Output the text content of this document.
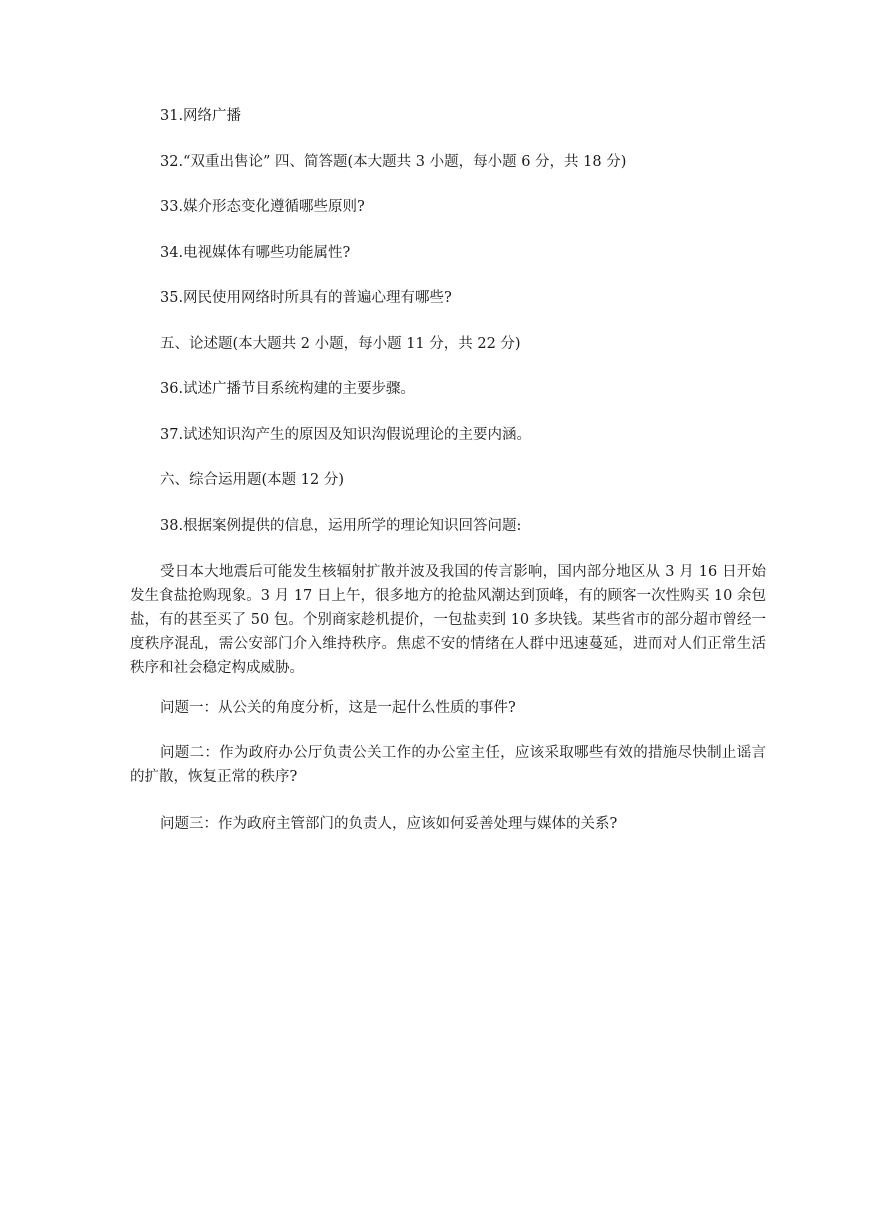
31.网络广播
32.“双重出售论” 四、简答题(本大题共 3 小题，每小题 6 分，共 18 分)
33.媒介形态变化遵循哪些原则?
34.电视媒体有哪些功能属性?
35.网民使用网络时所具有的普遍心理有哪些?
五、论述题(本大题共 2 小题，每小题 11 分，共 22 分)
36.试述广播节目系统构建的主要步骤。
37.试述知识沟产生的原因及知识沟假说理论的主要内涵。
六、综合运用题(本题 12 分)
38.根据案例提供的信息，运用所学的理论知识回答问题:
受日本大地震后可能发生核辐射扩散并波及我国的传言影响，国内部分地区从 3 月 16 日开始发生食盐抢购现象。3 月 17 日上午，很多地方的抢盐风潮达到顶峰，有的顾客一次性购买 10 余包盐，有的甚至买了 50 包。个别商家趁机提价，一包盐卖到 10 多块钱。某些省市的部分超市曾经一度秩序混乱，需公安部门介入维持秩序。焦虑不安的情绪在人群中迅速蔓延，进而对人们正常生活秩序和社会稳定构成威胁。
问题一：从公关的角度分析，这是一起什么性质的事件?
问题二：作为政府办公厅负责公关工作的办公室主任，应该采取哪些有效的措施尽快制止谣言的扩散，恢复正常的秩序?
问题三：作为政府主管部门的负责人，应该如何妥善处理与媒体的关系?
